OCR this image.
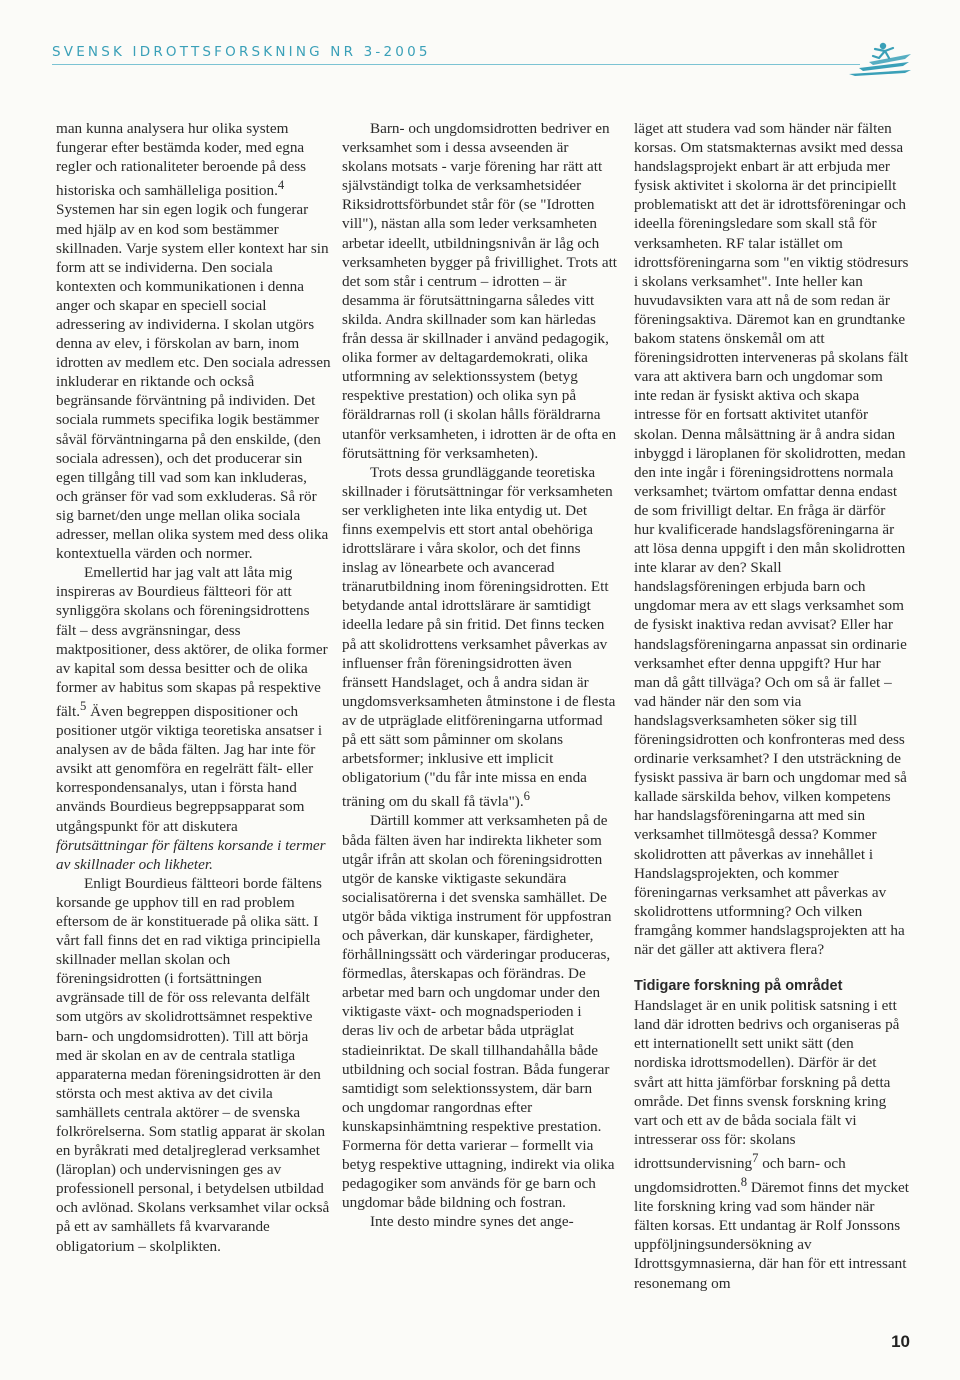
SVENSK IDROTTSFORSKNING NR 3-2005

man kunna analysera hur olika system fungerar efter bestämda koder, med egna regler och rationaliteter beroende på dess historiska och samhälleliga position.$^4$ Systemen har sin egen logik och fungerar med hjälp av en kod som bestämmer skillnaden. Varje system eller kontext har sin form att se individerna. Den sociala kontexten och kommunikationen i denna anger och skapar en speciell social adressering av individerna. I skolan utgörs denna av elev, i förskolan av barn, inom idrotten av medlem etc. Den sociala adressen inkluderar en riktande och också begränsande förväntning på individen. Det sociala rummets specifika logik bestämmer såväl förväntningarna på den enskilde, (den sociala adressen), och det producerar sin egen tillgång till vad som kan inkluderas, och gränser för vad som exkluderas. Så rör sig barnet/den unge mellan olika sociala adresser, mellan olika system med dess olika kontextuella värden och normer.

Emellertid har jag valt att låta mig inspireras av Bourdieus fältteori för att synliggöra skolans och föreningsidrottens fält – dess avgränsningar, dess maktpositioner, dess aktörer, de olika former av kapital som dessa besitter och de olika former av habitus som skapas på respektive fält.$^5$ Även begreppen dispositioner och positioner utgör viktiga teoretiska ansatser i analysen av de båda fälten. Jag har inte för avsikt att genomföra en regelrätt fält- eller korrespondensanalys, utan i första hand används Bourdieus begreppsapparat som utgångspunkt för att diskutera förutsättningar för fältens korsande i termer av skillnader och likheter.

Enligt Bourdieus fältteori borde fältens korsande ge upphov till en rad problem eftersom de är konstituerade på olika sätt. I vårt fall finns det en rad viktiga principiella skillnader mellan skolan och föreningsidrotten (i fortsättningen avgränsade till de för oss relevanta delfält som utgörs av skolidrottsämnet respektive barn- och ungdomsidrotten). Till att börja med är skolan en av de centrala statliga apparaterna medan föreningsidrotten är den största och mest aktiva av det civila samhällets centrala aktörer – de svenska folkrörelserna. Som statlig apparat är skolan en byråkrati med detaljreglerad verksamhet (läroplan) och undervisningen ges av professionell personal, i betydelsen utbildad och avlönad. Skolans verksamhet vilar också på ett av samhällets få kvarvarande obligatorium – skolplikten.

Barn- och ungdomsidrotten bedriver en verksamhet som i dessa avseenden är skolans motsats - varje förening har rätt att självständigt tolka de verksamhetsidéer Riksidrottsförbundet står för (se "Idrotten vill"), nästan alla som leder verksamheten arbetar ideellt, utbildningsnivån är låg och verksamheten bygger på frivillighet. Trots att det som står i centrum – idrotten – är desamma är förutsättningarna således vitt skilda. Andra skillnader som kan härledas från dessa är skillnader i använd pedagogik, olika former av deltagardemokrati, olika utformning av selektionssystem (betyg respektive prestation) och olika syn på föräldrarnas roll (i skolan hålls föräldrarna utanför verksamheten, i idrotten är de ofta en förutsättning för verksamheten).

Trots dessa grundläggande teoretiska skillnader i förutsättningar för verksamheten ser verkligheten inte lika entydig ut. Det finns exempelvis ett stort antal obehöriga idrottslärare i våra skolor, och det finns inslag av lönearbete och avancerad tränarutbildning inom föreningsidrotten. Ett betydande antal idrottslärare är samtidigt ideella ledare på sin fritid. Det finns tecken på att skolidrottens verksamhet påverkas av influenser från föreningsidrotten även fränsett Handslaget, och å andra sidan är ungdomsverksamheten åtminstone i de flesta av de utpräglade elitföreningarna utformad på ett sätt som påminner om skolans arbetsformer; inklusive ett implicit obligatorium ("du får inte missa en enda träning om du skall få tävla").$^6$

Därtill kommer att verksamheten på de båda fälten även har indirekta likheter som utgår ifrån att skolan och föreningsidrotten utgör de kanske viktigaste sekundära socialisatörerna i det svenska samhället. De utgör båda viktiga instrument för uppfostran och påverkan, där kunskaper, färdigheter, förhållningssätt och värderingar produceras, förmedlas, återskapas och förändras. De arbetar med barn och ungdomar under den viktigaste växt- och mognadsperioden i deras liv och de arbetar båda utpräglat stadieinriktat. De skall tillhandahålla både utbildning och social fostran. Båda fungerar samtidigt som selektionssystem, där barn och ungdomar rangordnas efter kunskapsinhämtning respektive prestation. Formerna för detta varierar – formellt via betyg respektive uttagning, indirekt via olika pedagogiker som används för ge barn och ungdomar både bildning och fostran.

Inte desto mindre synes det ange-

läget att studera vad som händer när fälten korsas. Om statsmakternas avsikt med dessa handslagsprojekt enbart är att erbjuda mer fysisk aktivitet i skolorna är det principiellt problematiskt att det är idrottsföreningar och ideella föreningsledare som skall stå för verksamheten. RF talar istället om idrottsföreningarna som "en viktig stödresurs i skolans verksamhet". Inte heller kan huvudavsikten vara att nå de som redan är föreningsaktiva. Däremot kan en grundtanke bakom statens önskemål om att föreningsidrotten interveneras på skolans fält vara att aktivera barn och ungdomar som inte redan är fysiskt aktiva och skapa intresse för en fortsatt aktivitet utanför skolan. Denna målsättning är å andra sidan inbyggd i läroplanen för skolidrotten, medan den inte ingår i föreningsidrottens normala verksamhet; tvärtom omfattar denna endast de som frivilligt deltar. En fråga är därför hur kvalificerade handslagsföreningarna är att lösa denna uppgift i den mån skolidrotten inte klarar av den? Skall handslagsföreningen erbjuda barn och ungdomar mera av ett slags verksamhet som de fysiskt inaktiva redan avvisat? Eller har handslagsföreningarna anpassat sin ordinarie verksamhet efter denna uppgift? Hur har man då gått tillväga? Och om så är fallet – vad händer när den som via handslagsverksamheten söker sig till föreningsidrotten och konfronteras med dess ordinarie verksamhet? I den utsträckning de fysiskt passiva är barn och ungdomar med så kallade särskilda behov, vilken kompetens har handslagsföreningarna att med sin verksamhet tillmötesgå dessa? Kommer skolidrotten att påverkas av innehållet i Handslagsprojekten, och kommer föreningarnas verksamhet att påverkas av skolidrottens utformning? Och vilken framgång kommer handslagsprojekten att ha när det gäller att aktivera flera?

Tidigare forskning på området

Handslaget är en unik politisk satsning i ett land där idrotten bedrivs och organiseras på ett internationellt sett unikt sätt (den nordiska idrottsmodellen). Därför är det svårt att hitta jämförbar forskning på detta område. Det finns svensk forskning kring vart och ett av de båda sociala fält vi intresserar oss för: skolans idrottsundervisning$^7$ och barn- och ungdomsidrotten.$^8$ Däremot finns det mycket lite forskning kring vad som händer när fälten korsas. Ett undantag är Rolf Jonssons uppföljningsundersökning av Idrottsgymnasierna, där han för ett intressant resonemang om

10
